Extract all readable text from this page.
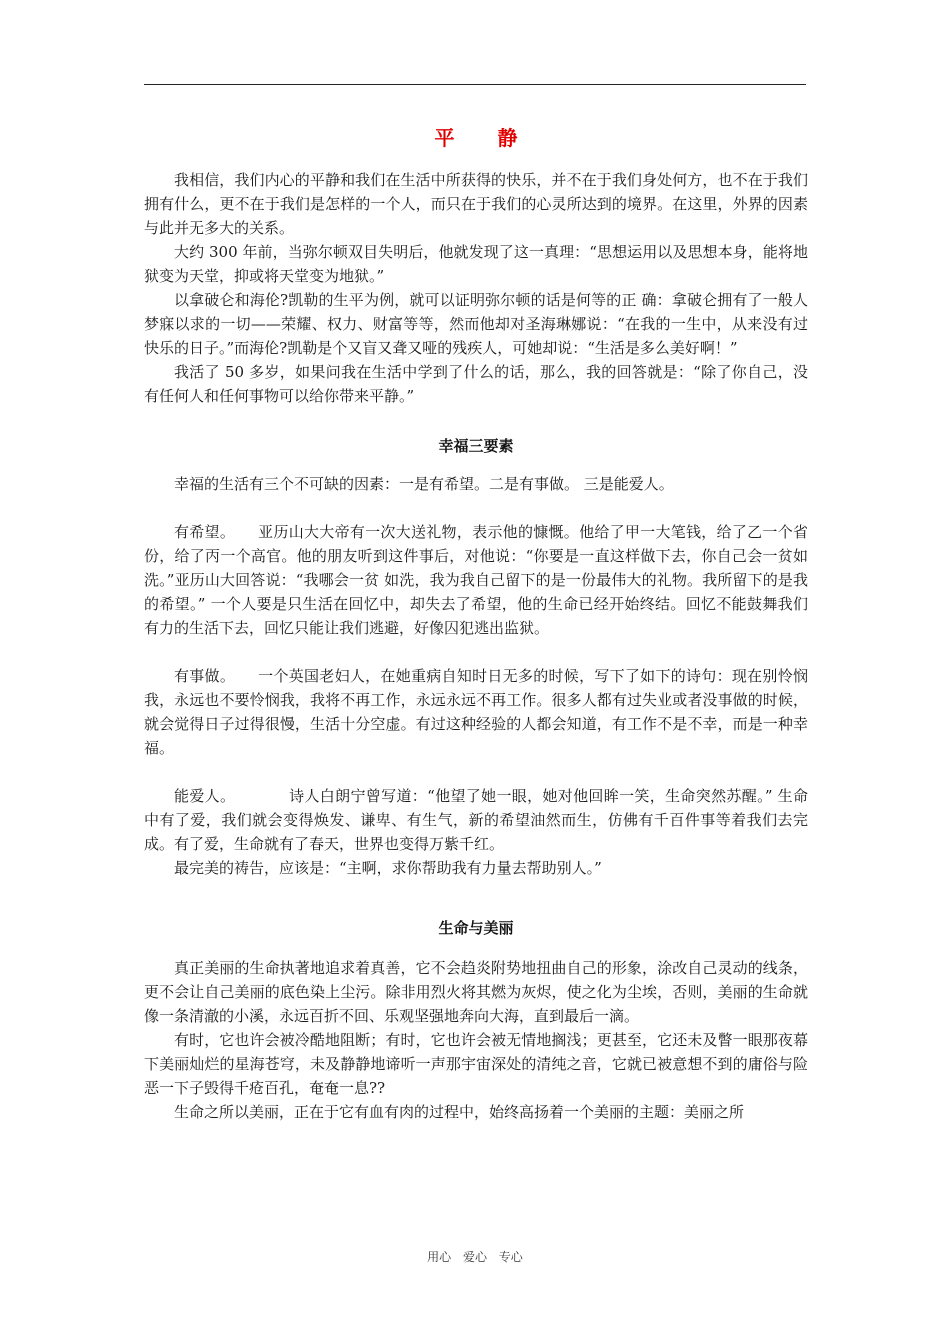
平 静

我相信，我们内心的平静和我们在生活中所获得的快乐，并不在于我们身处何方，也不在于我们拥有什么，更不在于我们是怎样的一个人，而只在于我们的心灵所达到的境界。在这里，外界的因素与此并无多大的关系。

大约 300 年前，当弥尔顿双目失明后，他就发现了这一真理：“思想运用以及思想本身，能将地狱变为天堂，抑或将天堂变为地狱。”

以拿破仑和海伦?凯勒的生平为例，就可以证明弥尔顿的话是何等的正 确：拿破仑拥有了一般人梦寐以求的一切——荣耀、权力、财富等等，然而他却对圣海琳娜说：“在我的一生中，从来没有过快乐的日子。”而海伦?凯勒是个又盲又聋又哑的残疾人，可她却说：“生活是多么美好啊！”

我活了 50 多岁，如果问我在生活中学到了什么的话，那么，我的回答就是：“除了你自己，没有任何人和任何事物可以给你带来平静。”

幸福三要素

幸福的生活有三个不可缺的因素：一是有希望。二是有事做。 三是能爱人。

有希望。　　亚历山大大帝有一次大送礼物，表示他的慷慨。他给了甲一大笔钱，给了乙一个省份，给了丙一个高官。他的朋友听到这件事后，对他说：“你要是一直这样做下去，你自己会一贫如洗。”亚历山大回答说：“我哪会一贫 如洗，我为我自己留下的是一份最伟大的礼物。我所留下的是我的希望。” 一个人要是只生活在回忆中，却失去了希望，他的生命已经开始终结。回忆不能鼓舞我们有力的生活下去，回忆只能让我们逃避，好像囚犯逃出监狱。

有事做。　　一个英国老妇人，在她重病自知时日无多的时候，写下了如下的诗句：现在别怜悯我，永远也不要怜悯我，我将不再工作，永远永远不再工作。很多人都有过失业或者没事做的时候，就会觉得日子过得很慢，生活十分空虚。有过这种经验的人都会知道，有工作不是不幸，而是一种幸福。

能爱人。　　　　诗人白朗宁曾写道：“他望了她一眼，她对他回眸一笑，生命突然苏醒。” 生命中有了爱，我们就会变得焕发、谦卑、有生气，新的希望油然而生，仿佛有千百件事等着我们去完成。有了爱，生命就有了春天，世界也变得万紫千红。

最完美的祷告，应该是：“主啊，求你帮助我有力量去帮助别人。”

生命与美丽

真正美丽的生命执著地追求着真善，它不会趋炎附势地扭曲自己的形象，涂改自己灵动的线条，更不会让自己美丽的底色染上尘污。除非用烈火将其燃为灰烬，使之化为尘埃，否则，美丽的生命就像一条清澈的小溪，永远百折不回、乐观坚强地奔向大海，直到最后一滴。

有时，它也许会被冷酷地阻断；有时，它也许会被无情地搁浅；更甚至，它还未及瞥一眼那夜幕下美丽灿烂的星海苍穹，未及静静地谛听一声那宇宙深处的清纯之音，它就已被意想不到的庸俗与险恶一下子毁得千疮百孔，奄奄一息??

生命之所以美丽，正在于它有血有肉的过程中，始终高扬着一个美丽的主题：美丽之所

用心 爱心 专心
